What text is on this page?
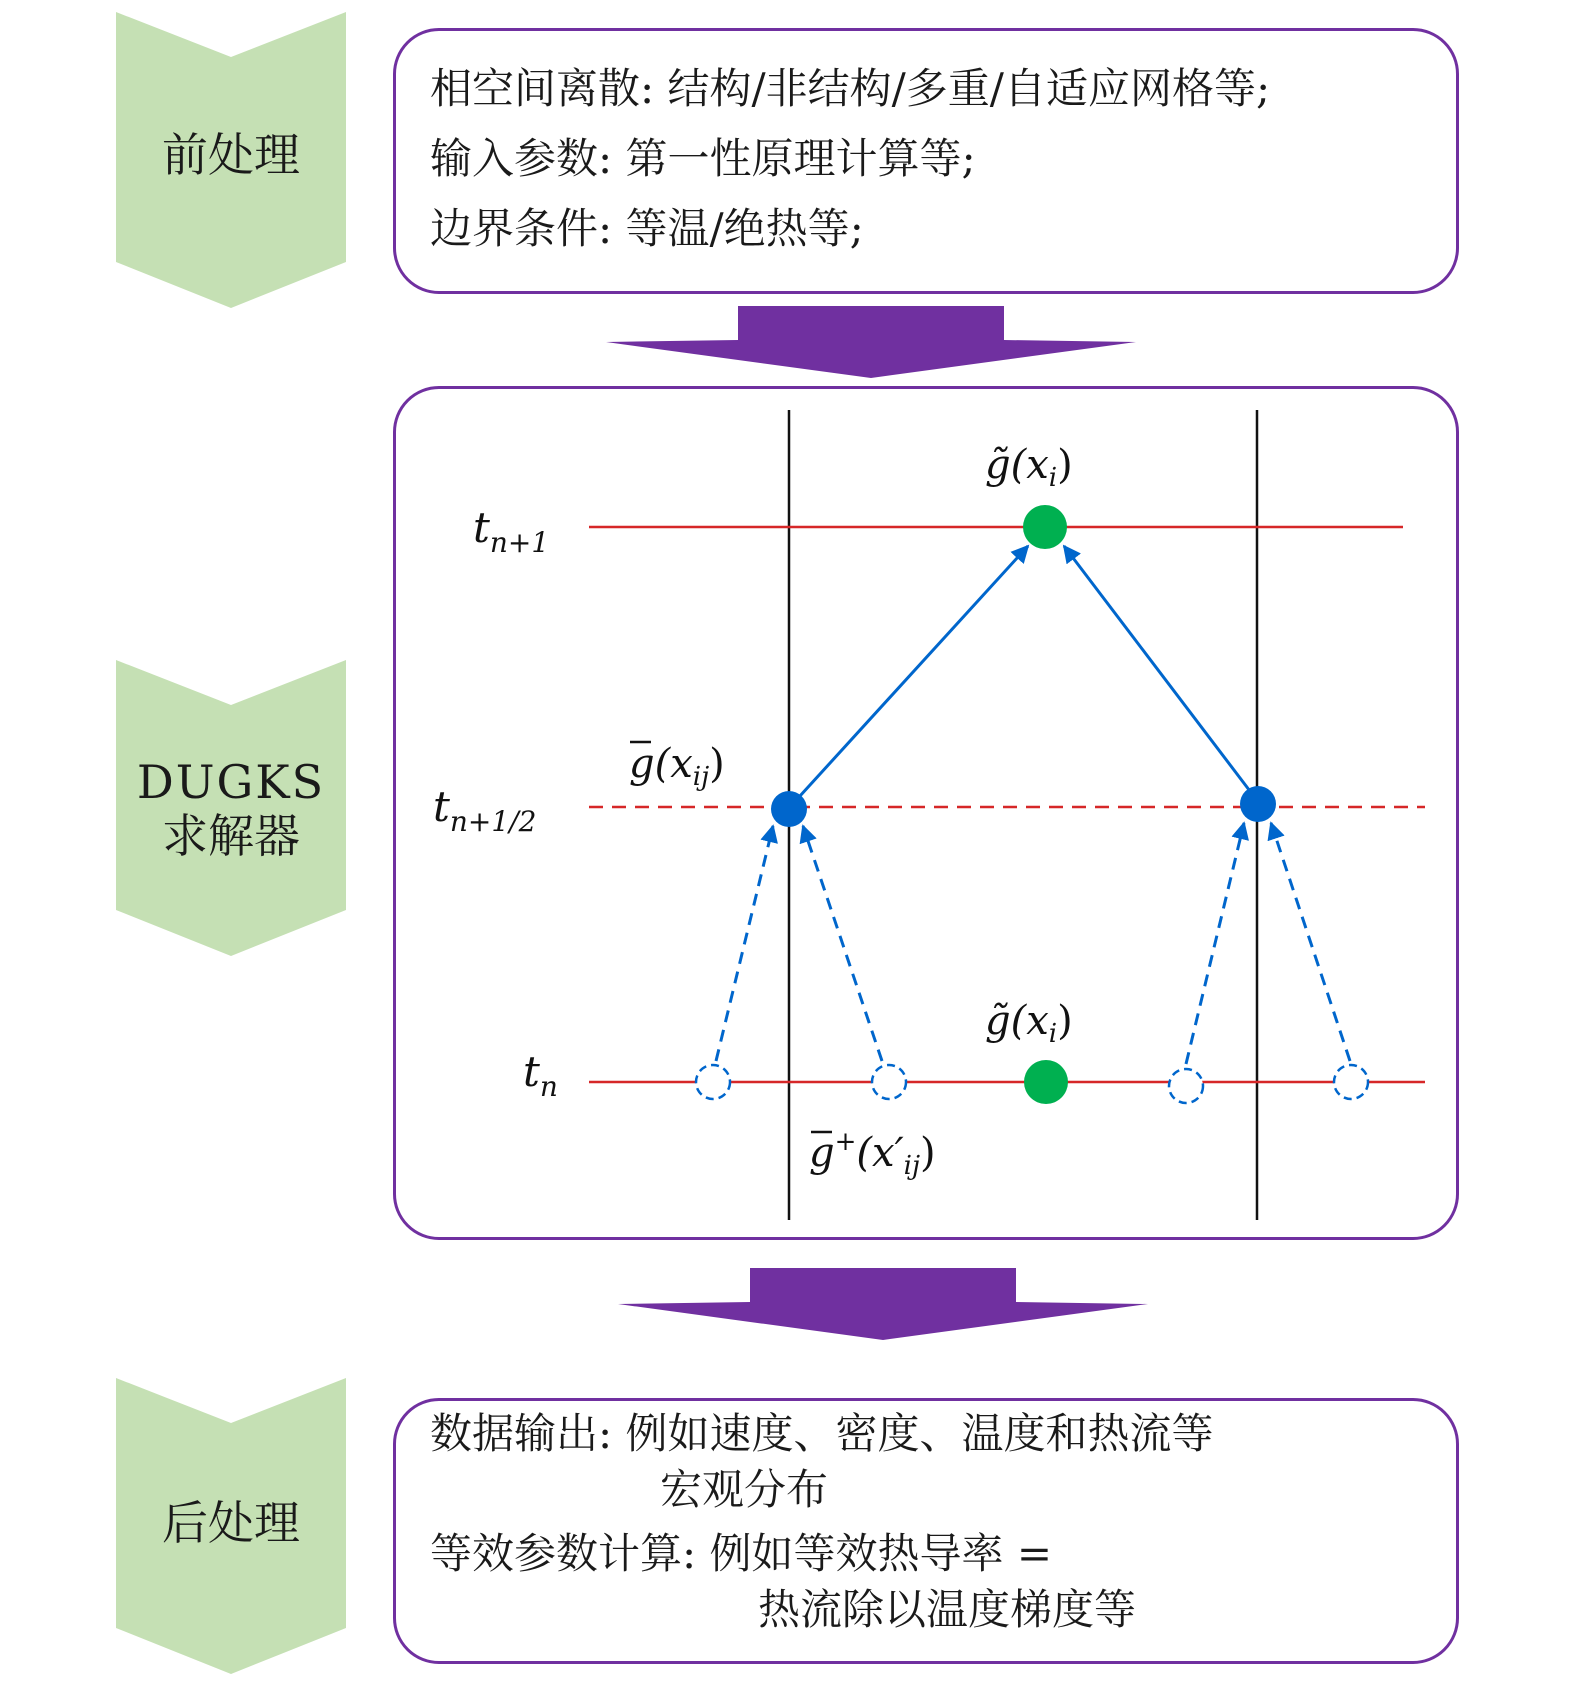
前处理
DUGKS
求解器
后处理
相空间离散: 结构/非结构/多重/自适应网格等;
输入参数: 第一性原理计算等;
边界条件: 等温/绝热等;
$t_{n+1}$
$t_{n+1/2}$
$t_n$
$g̃(x_i)$
$g̃(x_i)$
$g(x_{ij})$
$g^+(x'_{ij})$
数据输出: 例如速度、密度、温度和热流等
宏观分布
等效参数计算: 例如等效热导率 =
热流除以温度梯度等
